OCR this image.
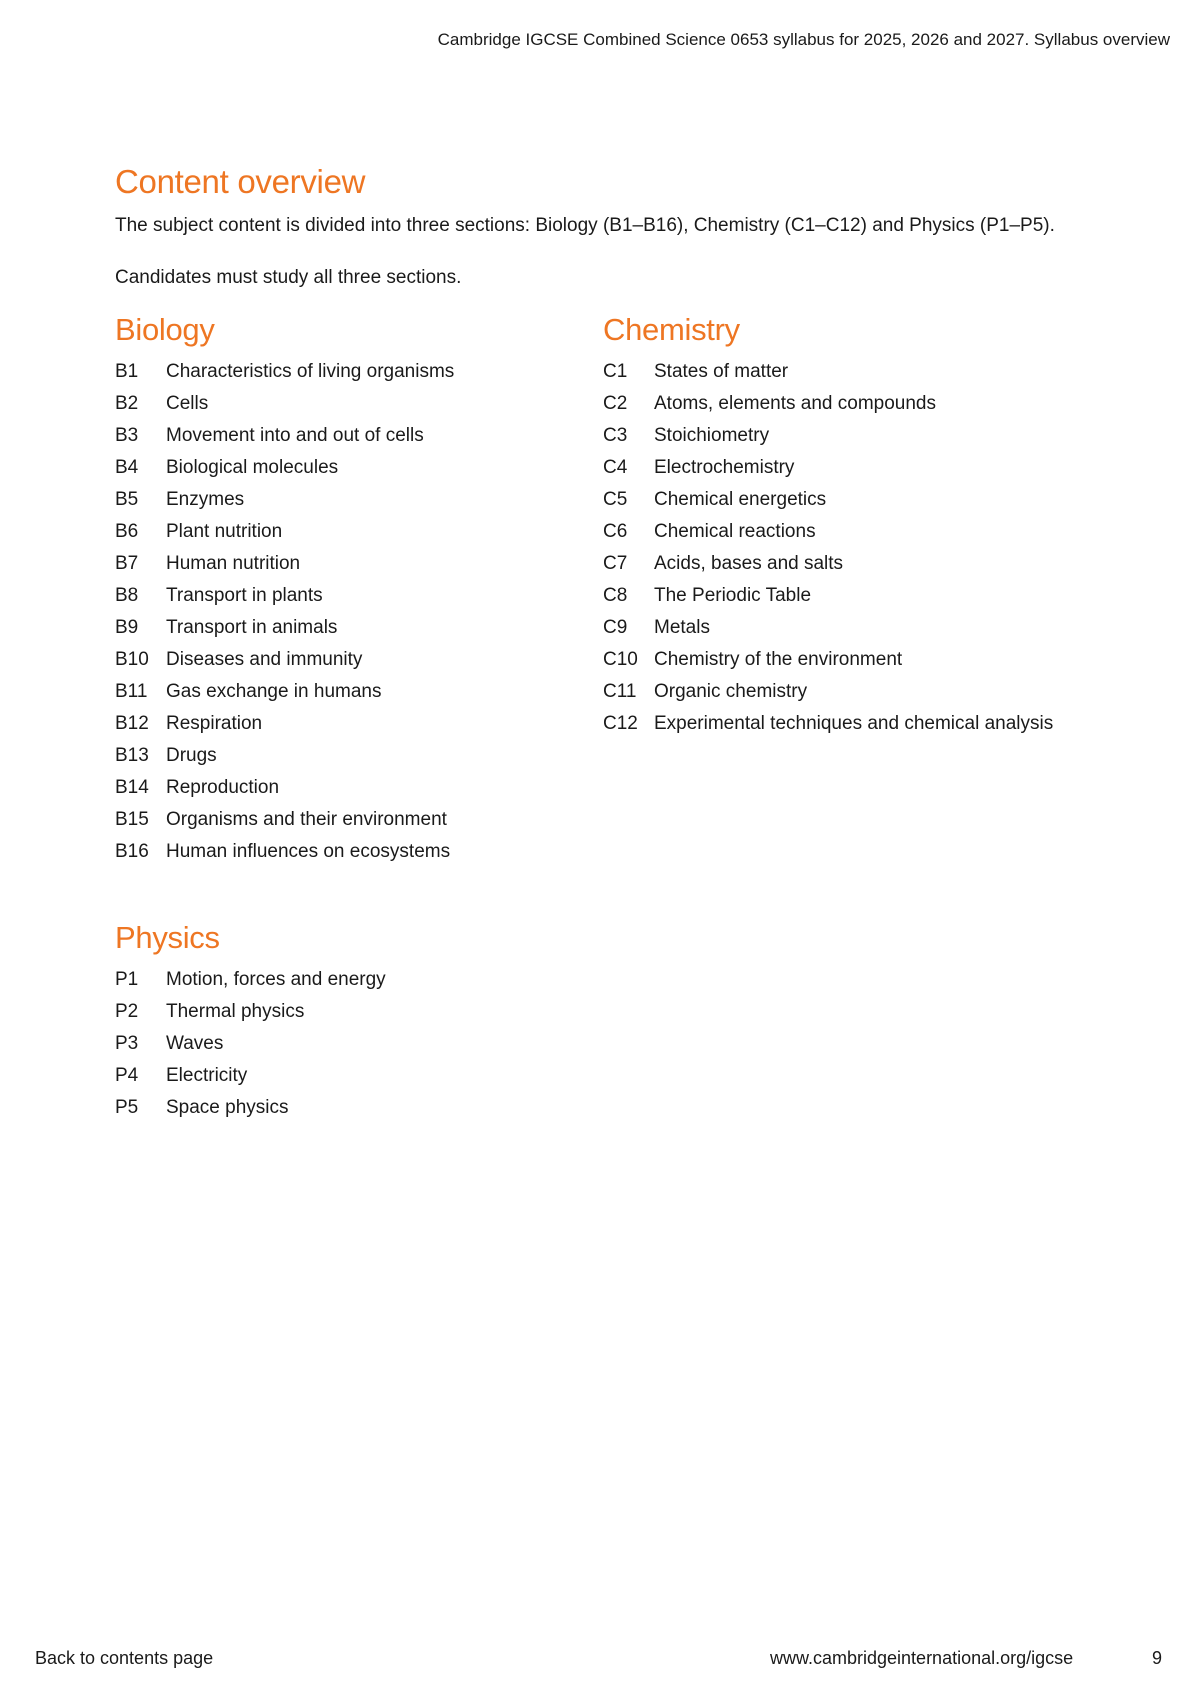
Cambridge IGCSE Combined Science 0653 syllabus for 2025, 2026 and 2027. Syllabus overview
Content overview

The subject content is divided into three sections: Biology (B1–B16), Chemistry (C1–C12) and Physics (P1–P5).

Candidates must study all three sections.

Biology
B1	Characteristics of living organisms
B2	Cells
B3	Movement into and out of cells
B4	Biological molecules
B5	Enzymes
B6	Plant nutrition
B7	Human nutrition
B8	Transport in plants
B9	Transport in animals
B10 Diseases and immunity
B11 Gas exchange in humans
B12 Respiration
B13 Drugs
B14 Reproduction
B15 Organisms and their environment
B16 Human influences on ecosystems
Chemistry
C1	States of matter
C2	Atoms, elements and compounds
C3	Stoichiometry
C4	Electrochemistry
C5	Chemical energetics
C6	Chemical reactions
C7	Acids, bases and salts
C8	The Periodic Table
C9	Metals
C10 Chemistry of the environment
C11 Organic chemistry
C12 Experimental techniques and chemical analysis
Physics
P1	Motion, forces and energy
P2	Thermal physics
P3	Waves
P4	Electricity
P5	Space physics
Back to contents page	www.cambridgeinternational.org/igcse	9
